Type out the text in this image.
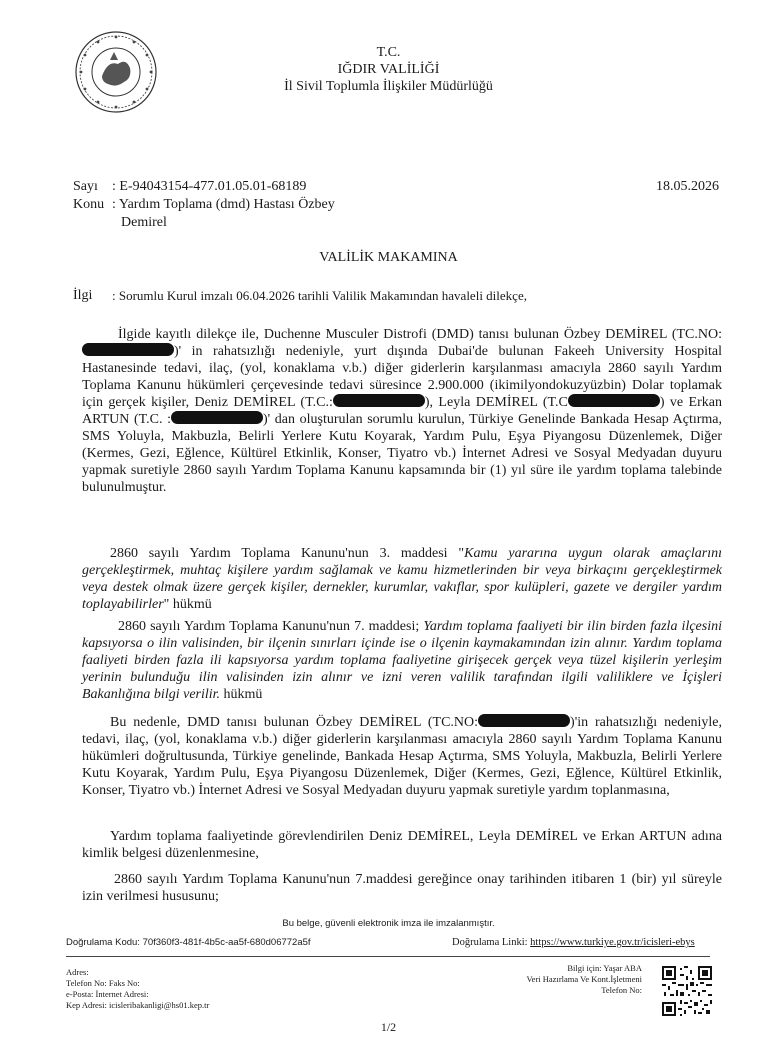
T.C.
IĞDIR VALİLİĞİ
İl Sivil Toplumla İlişkiler Müdürlüğü
Sayı : E-94043154-477.01.05.01-68189	18.05.2026
Konu : Yardım Toplama (dmd) Hastası Özbey
Demirel
VALİLİK MAKAMINA
İlgi : Sorumlu Kurul imzalı 06.04.2026 tarihli Valilik Makamından havaleli dilekçe,
İlgide kayıtlı dilekçe ile, Duchenne Musculer Distrofi (DMD) tanısı bulunan Özbey DEMİREL (TC.NO:)' in rahatsızlığı nedeniyle, yurt dışında Dubai'de bulunan Fakeeh University Hospital Hastanesinde tedavi, ilaç, (yol, konaklama v.b.) diğer giderlerin karşılanması amacıyla 2860 sayılı Yardım Toplama Kanunu hükümleri çerçevesinde tedavi süresince 2.900.000 (ikimilyondokuzyüzbin) Dolar toplamak için gerçek kişiler, Deniz DEMİREL (T.C.:	), Leyla DEMİREL (T.C	) ve Erkan ARTUN (T.C. :	)' dan oluşturulan sorumlu kurulun, Türkiye Genelinde Bankada Hesap Açtırma, SMS Yoluyla, Makbuzla, Belirli Yerlere Kutu Koyarak, Yardım Pulu, Eşya Piyangosu Düzenlemek, Diğer (Kermes, Gezi, Eğlence, Kültürel Etkinlik, Konser, Tiyatro vb.) İnternet Adresi ve Sosyal Medyadan duyuru yapmak suretiyle 2860 sayılı Yardım Toplama Kanunu kapsamında bir (1) yıl süre ile yardım toplama talebinde bulunulmuştur.
2860 sayılı Yardım Toplama Kanunu'nun 3. maddesi "Kamu yararına uygun olarak amaçlarını gerçekleştirmek, muhtaç kişilere yardım sağlamak ve kamu hizmetlerinden bir veya birkaçını gerçekleştirmek veya destek olmak üzere gerçek kişiler, dernekler, kurumlar, vakıflar, spor kulüpleri, gazete ve dergiler yardım toplayabilirler" hükmü
2860 sayılı Yardım Toplama Kanunu'nun 7. maddesi; Yardım toplama faaliyeti bir ilin birden fazla ilçesini kapsıyorsa o ilin valisinden, bir ilçenin sınırları içinde ise o ilçenin kaymakamından izin alınır. Yardım toplama faaliyeti birden fazla ili kapsıyorsa yardım toplama faaliyetine girişecek gerçek veya tüzel kişilerin yerleşim yerinin bulunduğu ilin valisinden izin alınır ve izni veren valilik tarafından ilgili valiliklere ve İçişleri Bakanlığına bilgi verilir. hükmü
Bu nedenle, DMD tanısı bulunan Özbey DEMİREL (TC.NO:	)'in rahatsızlığı nedeniyle, tedavi, ilaç, (yol, konaklama v.b.) diğer giderlerin karşılanması amacıyla 2860 sayılı Yardım Toplama Kanunu hükümleri doğrultusunda, Türkiye genelinde, Bankada Hesap Açtırma, SMS Yoluyla, Makbuzla, Belirli Yerlere Kutu Koyarak, Yardım Pulu, Eşya Piyangosu Düzenlemek, Diğer (Kermes, Gezi, Eğlence, Kültürel Etkinlik, Konser, Tiyatro vb.) İnternet Adresi ve Sosyal Medyadan duyuru yapmak suretiyle yardım toplanmasına,
Yardım toplama faaliyetinde görevlendirilen Deniz DEMİREL, Leyla DEMİREL ve Erkan ARTUN adına kimlik belgesi düzenlenmesine,
2860 sayılı Yardım Toplama Kanunu'nun 7.maddesi gereğince onay tarihinden itibaren 1 (bir) yıl süreyle izin verilmesi hususunu;
Bu belge, güvenli elektronik imza ile imzalanmıştır.
Doğrulama Kodu: 70f360f3-481f-4b5c-aa5f-680d06772a5f	Doğrulama Linki: https://www.turkiye.gov.tr/icisleri-ebys
Adres:
Telefon No: Faks No:
e-Posta: İnternet Adresi:
Kep Adresi: icisleribakanligi@hs01.kep.tr
Bilgi için: Yaşar ABA
Veri Hazırlama Ve Kont.İşletmeni
Telefon No:
1/2
